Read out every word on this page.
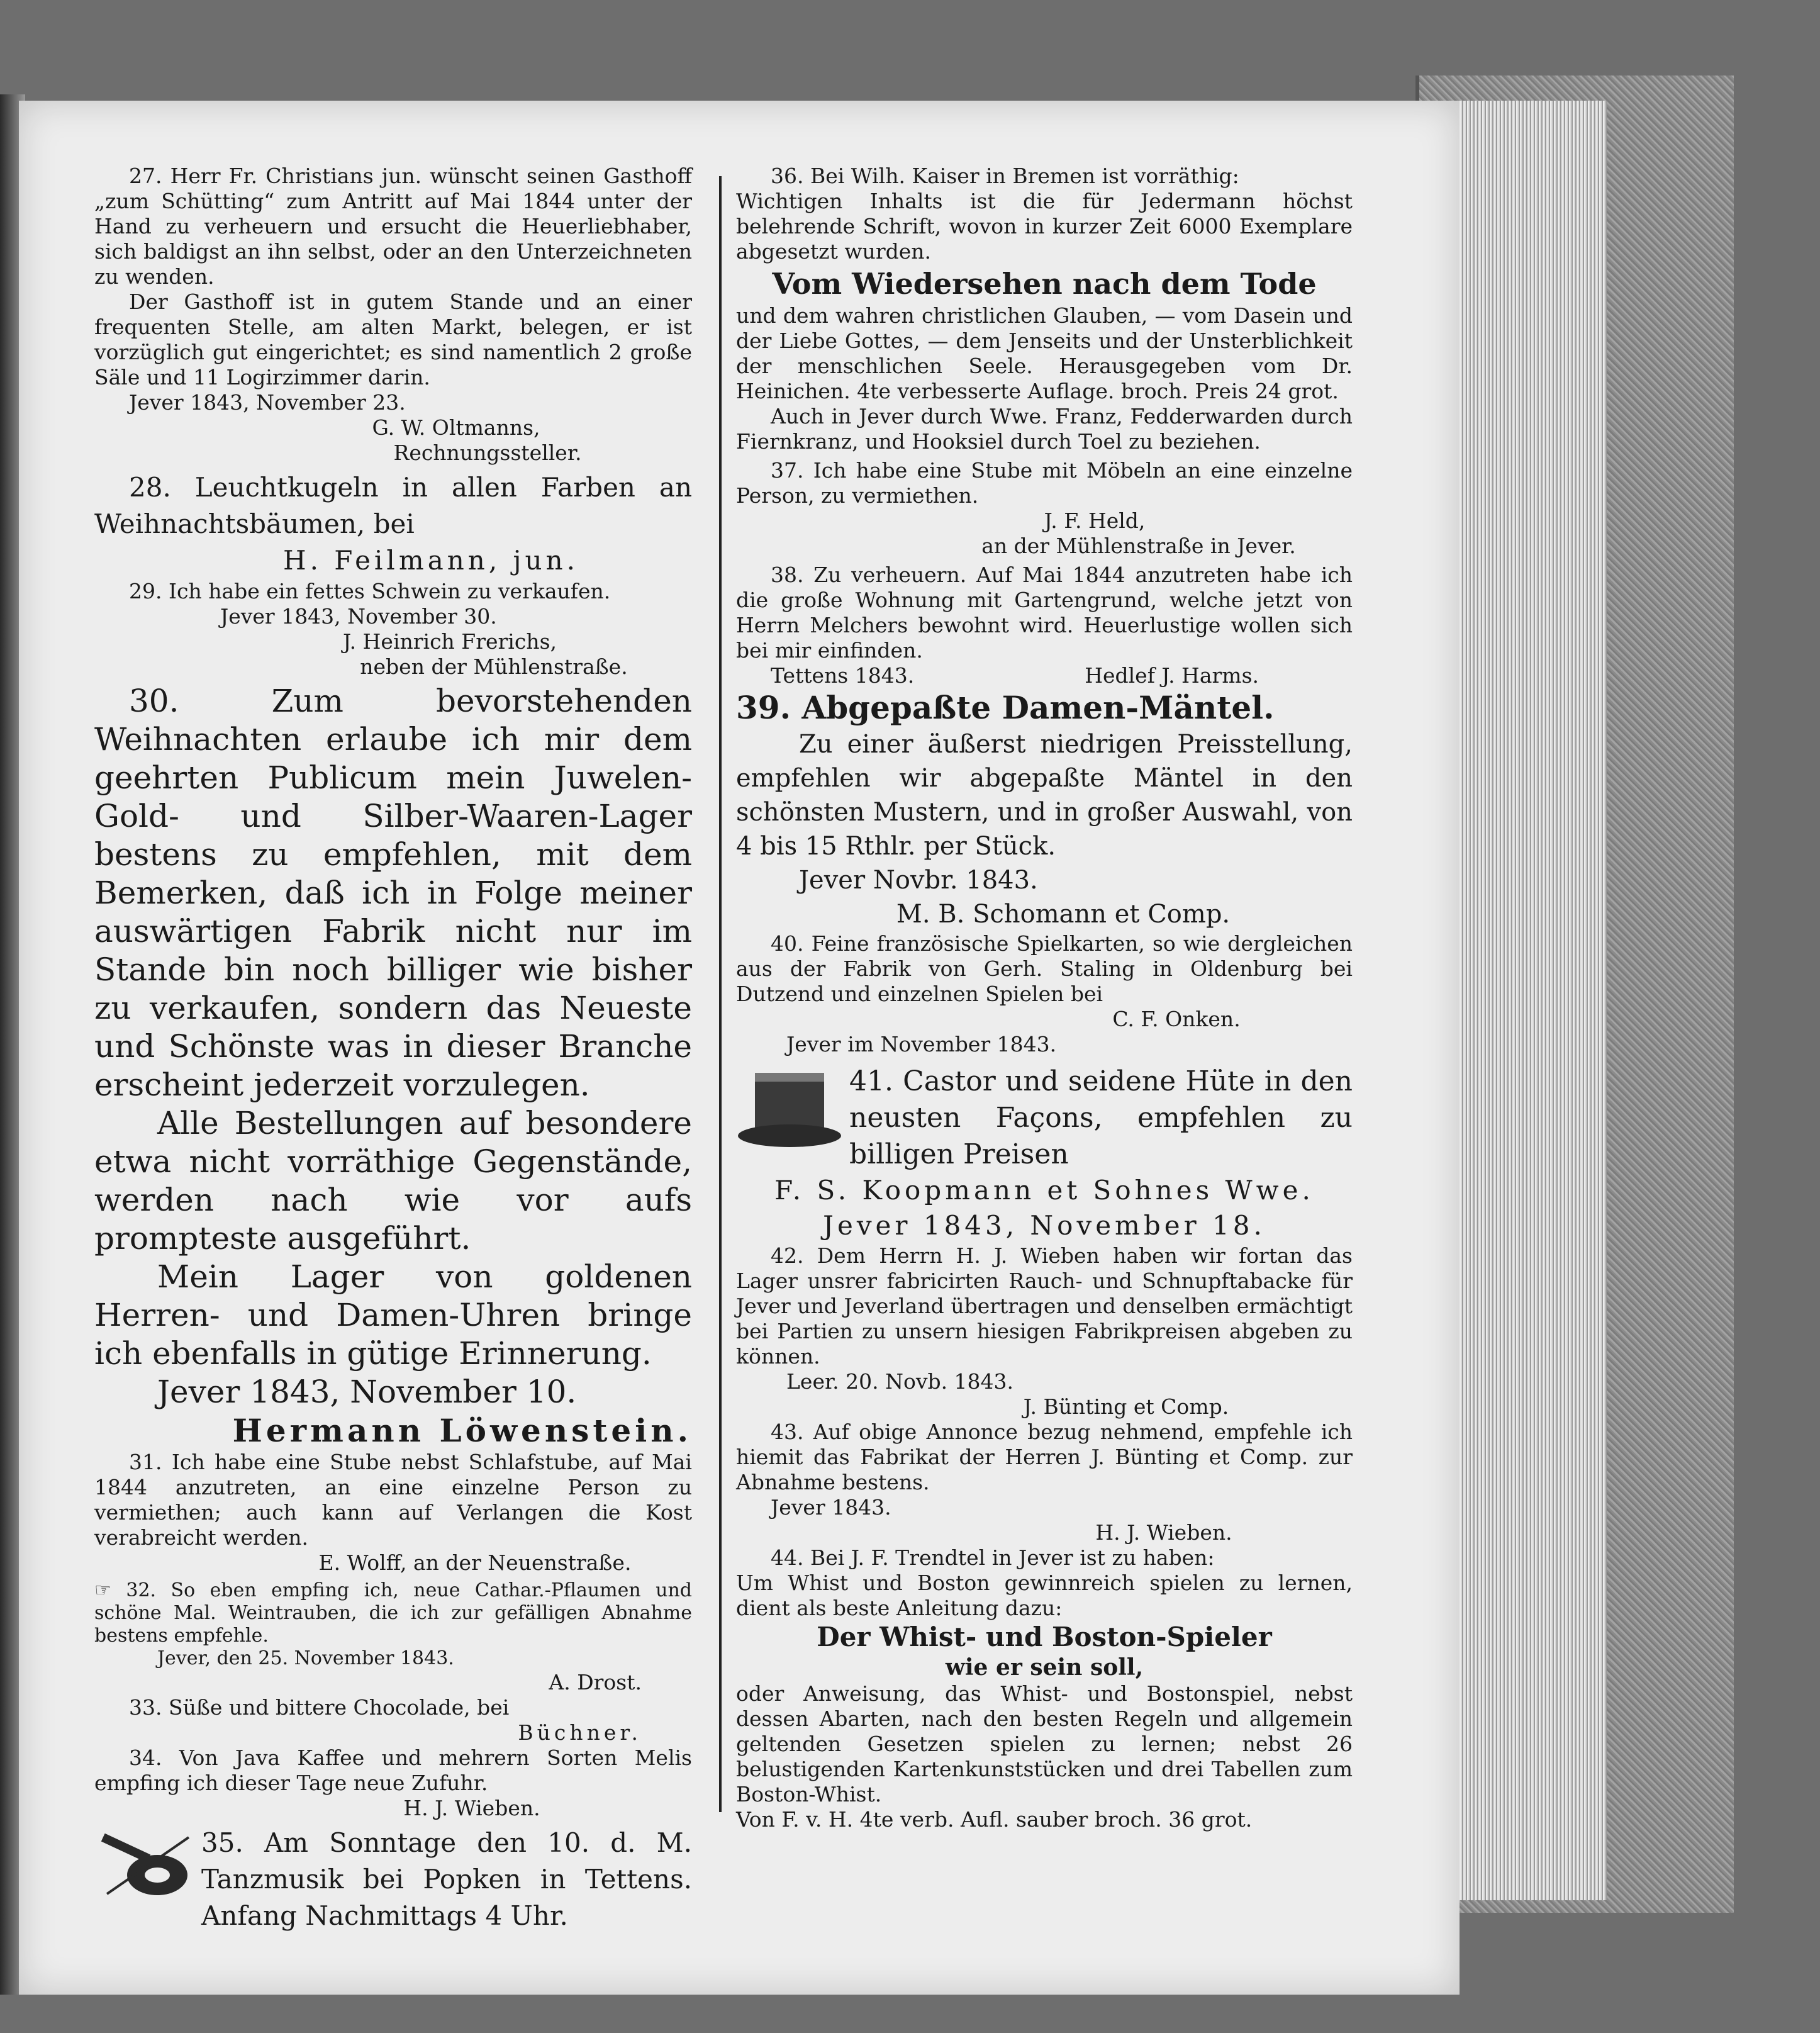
27. Herr Fr. Christians jun. wünscht seinen Gasthoff „zum Schütting“ zum Antritt auf Mai 1844 unter der Hand zu verheuern und ersucht die Heuerliebhaber, sich baldigst an ihn selbst, oder an den Unterzeichneten zu wenden.

Der Gasthoff ist in gutem Stande und an einer frequenten Stelle, am alten Markt, belegen, er ist vorzüglich gut eingerichtet; es sind namentlich 2 große Säle und 11 Logirzimmer darin.

Jever 1843, November 23.

G. W. Oltmanns,

Rechnungssteller.

28. Leuchtkugeln in allen Farben an Weihnachtsbäumen, bei

H. Feilmann, jun.

29. Ich habe ein fettes Schwein zu verkaufen.

Jever 1843, November 30.

J. Heinrich Frerichs,

neben der Mühlenstraße.

30. Zum bevorstehenden Weihnachten erlaube ich mir dem geehrten Publicum mein Juwelen-Gold- und Silber-Waaren-Lager bestens zu empfehlen, mit dem Bemerken, daß ich in Folge meiner auswärtigen Fabrik nicht nur im Stande bin noch billiger wie bisher zu verkaufen, sondern das Neueste und Schönste was in dieser Branche erscheint jederzeit vorzulegen.

Alle Bestellungen auf besondere etwa nicht vorräthige Gegenstände, werden nach wie vor aufs prompteste ausgeführt.

Mein Lager von goldenen Herren- und Damen-Uhren bringe ich ebenfalls in gütige Erinnerung.

Jever 1843, November 10.

Hermann Löwenstein.

31. Ich habe eine Stube nebst Schlafstube, auf Mai 1844 anzutreten, an eine einzelne Person zu vermiethen; auch kann auf Verlangen die Kost verabreicht werden.

E. Wolff, an der Neuenstraße.

☞ 32. So eben empfing ich, neue Cathar.-Pflaumen und schöne Mal. Weintrauben, die ich zur gefälligen Abnahme bestens empfehle.

Jever, den 25. November 1843.

A. Drost.

33. Süße und bittere Chocolade, bei

Büchner.

34. Von Java Kaffee und mehrern Sorten Melis empfing ich dieser Tage neue Zufuhr.

H. J. Wieben.

35. Am Sonntage den 10. d. M. Tanzmusik bei Popken in Tettens. Anfang Nachmittags 4 Uhr.

36. Bei Wilh. Kaiser in Bremen ist vorräthig:

Wichtigen Inhalts ist die für Jedermann höchst belehrende Schrift, wovon in kurzer Zeit 6000 Exemplare abgesetzt wurden.

Vom Wiedersehen nach dem Tode

und dem wahren christlichen Glauben, — vom Dasein und der Liebe Gottes, — dem Jenseits und der Unsterblichkeit der menschlichen Seele. Herausgegeben vom Dr. Heinichen. 4te verbesserte Auflage. broch. Preis 24 grot.

Auch in Jever durch Wwe. Franz, Fedderwarden durch Fiernkranz, und Hooksiel durch Toel zu beziehen.

37. Ich habe eine Stube mit Möbeln an eine einzelne Person, zu vermiethen.

J. F. Held,

an der Mühlenstraße in Jever.

38. Zu verheuern. Auf Mai 1844 anzutreten habe ich die große Wohnung mit Gartengrund, welche jetzt von Herrn Melchers bewohnt wird. Heuerlustige wollen sich bei mir einfinden.

Tettens 1843.	Hedlef J. Harms.

39. Abgepaßte Damen-Mäntel.

Zu einer äußerst niedrigen Preisstellung, empfehlen wir abgepaßte Mäntel in den schönsten Mustern, und in großer Auswahl, von 4 bis 15 Rthlr. per Stück.

Jever Novbr. 1843.

M. B. Schomann et Comp.

40. Feine französische Spielkarten, so wie dergleichen aus der Fabrik von Gerh. Staling in Oldenburg bei Dutzend und einzelnen Spielen bei

C. F. Onken.

Jever im November 1843.

41. Castor und seidene Hüte in den neusten Façons, empfehlen zu billigen Preisen

F. S. Koopmann et Sohnes Wwe.

Jever 1843, November 18.

42. Dem Herrn H. J. Wieben haben wir fortan das Lager unsrer fabricirten Rauch- und Schnupftabacke für Jever und Jeverland übertragen und denselben ermächtigt bei Partien zu unsern hiesigen Fabrikpreisen abgeben zu können.

Leer. 20. Novb. 1843.

J. Bünting et Comp.

43. Auf obige Annonce bezug nehmend, empfehle ich hiemit das Fabrikat der Herren J. Bünting et Comp. zur Abnahme bestens.

Jever 1843.

H. J. Wieben.

44. Bei J. F. Trendtel in Jever ist zu haben:

Um Whist und Boston gewinnreich spielen zu lernen, dient als beste Anleitung dazu:

Der Whist- und Boston-Spieler

wie er sein soll,

oder Anweisung, das Whist- und Bostonspiel, nebst dessen Abarten, nach den besten Regeln und allgemein geltenden Gesetzen spielen zu lernen; nebst 26 belustigenden Kartenkunststücken und drei Tabellen zum Boston-Whist.

Von F. v. H. 4te verb. Aufl. sauber broch. 36 grot.
